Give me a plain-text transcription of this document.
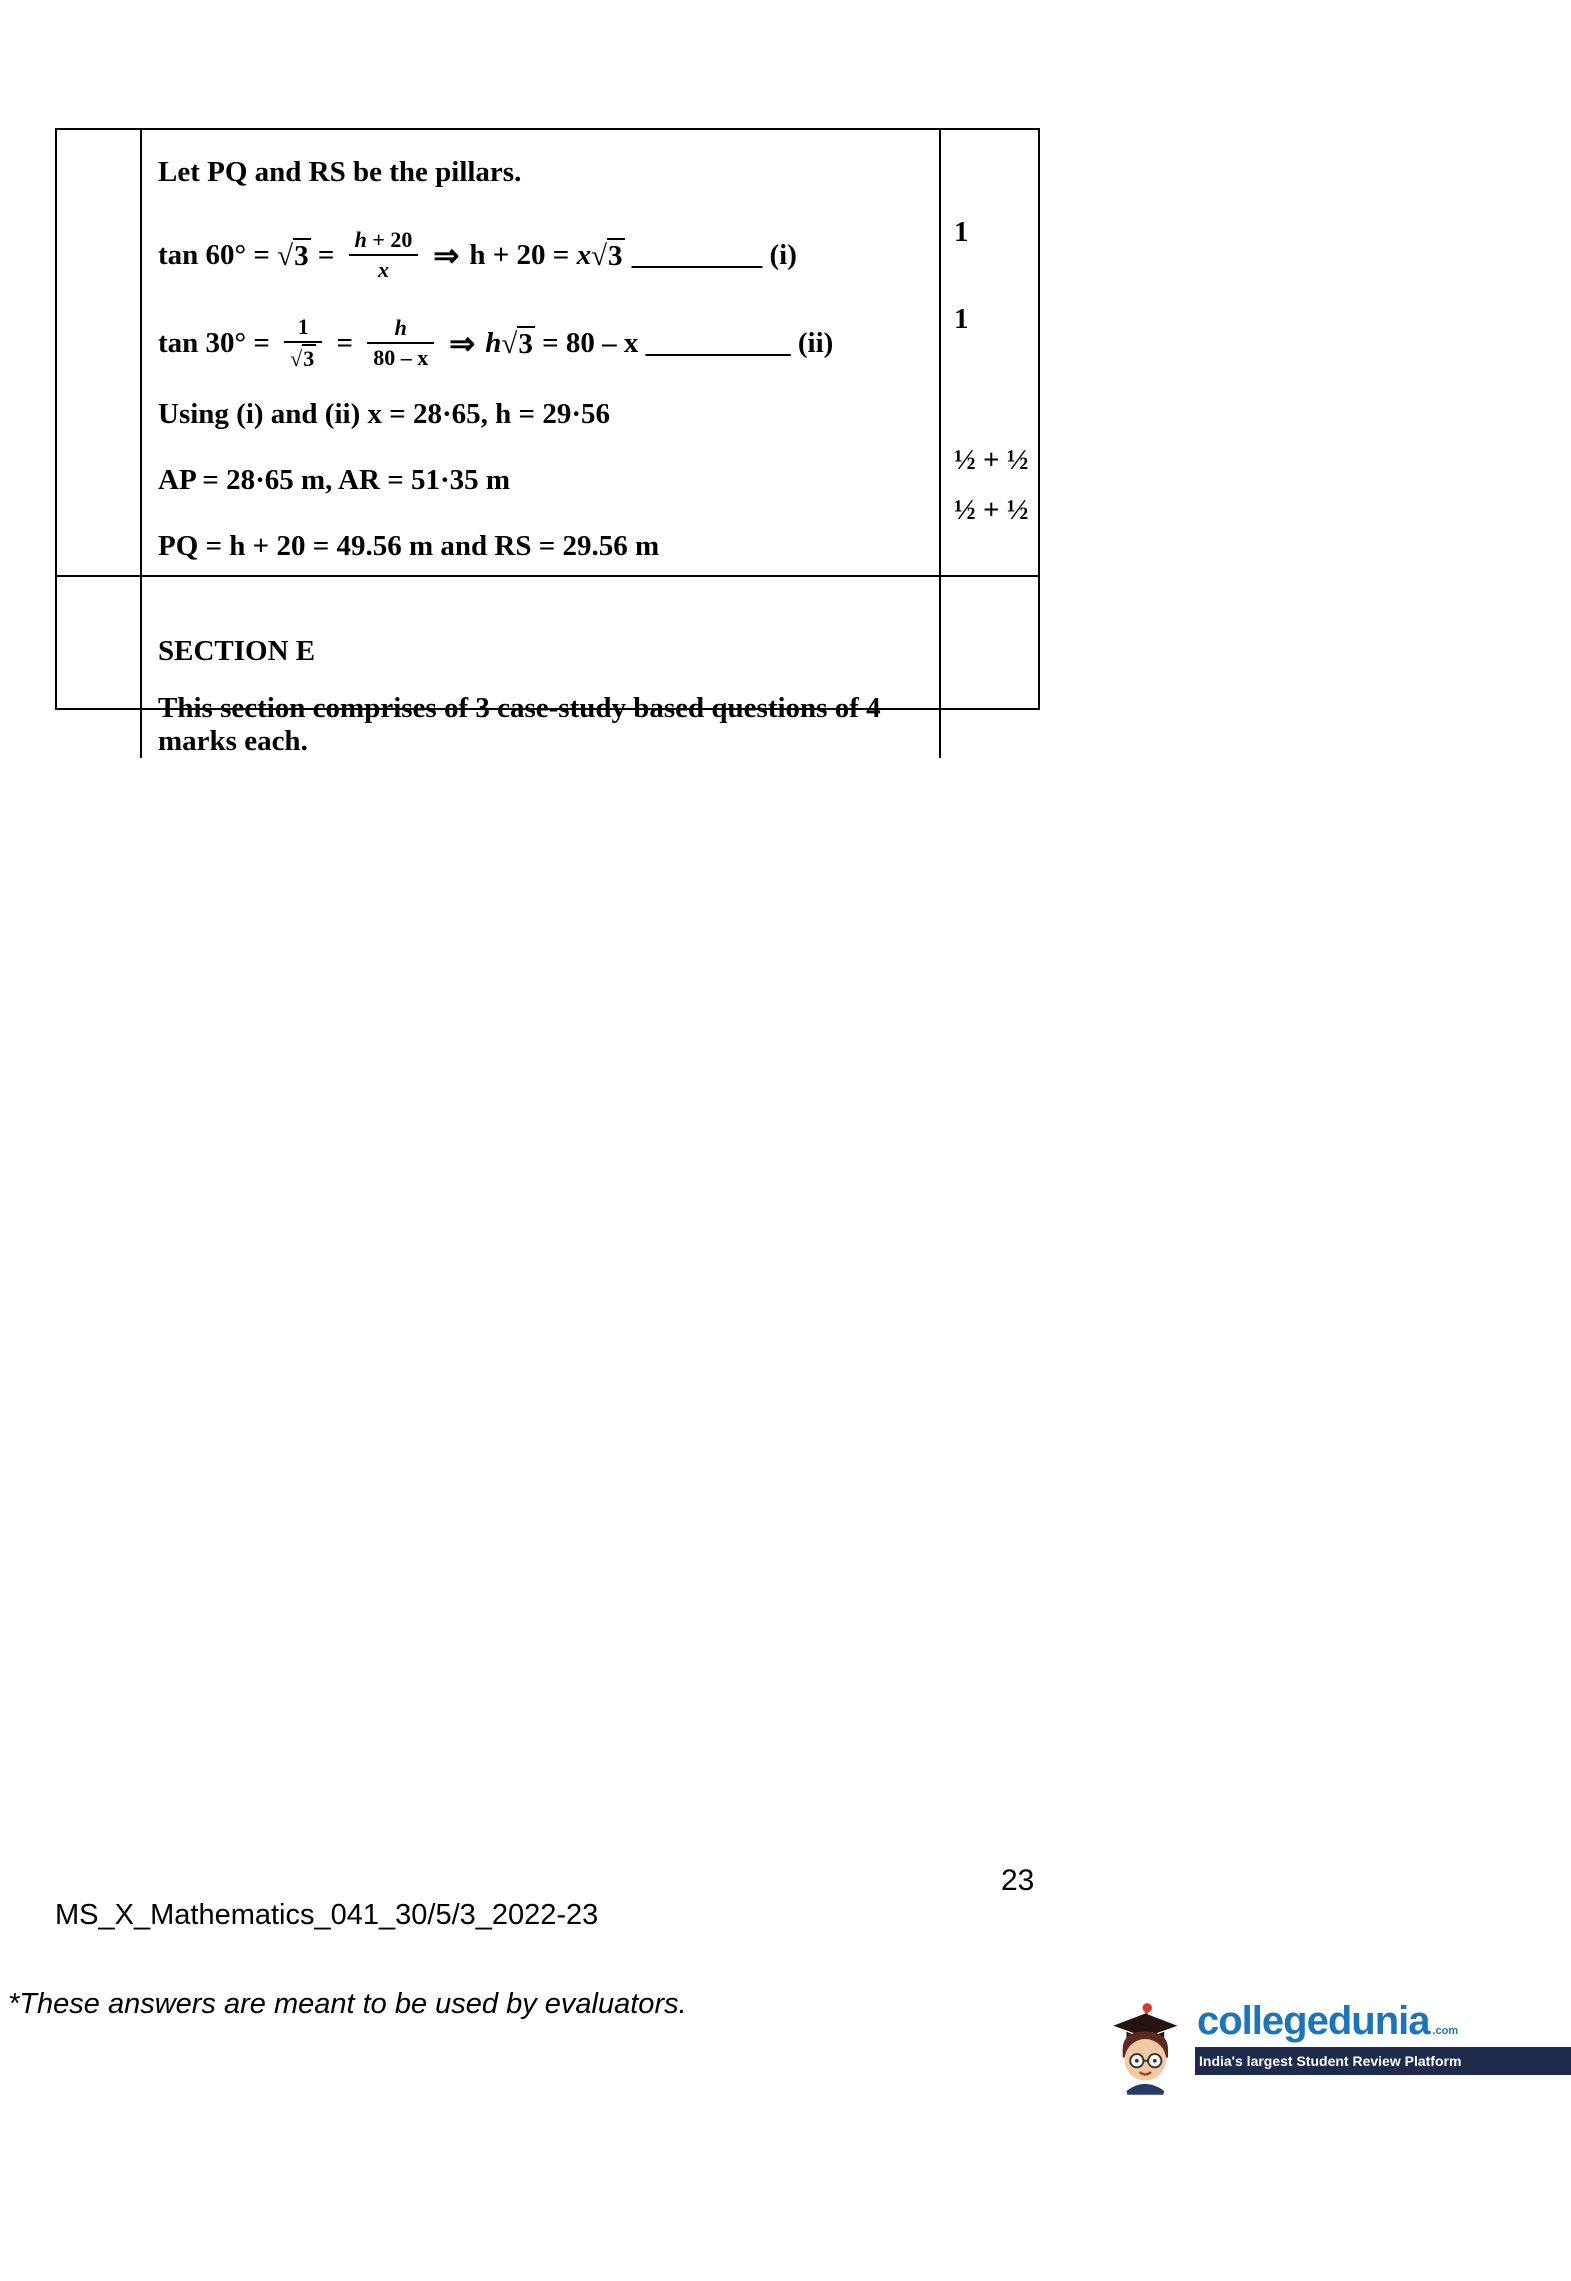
Let PQ and RS be the pillars.

$\tan 60^\circ = √3 = \frac{h + 20}{x}$ ⇒ h + 20 = x √3 _________ (i)
$\tan 30^\circ = \frac{1}{√3} = \frac{h}{80 - x}$ ⇒ h √3 = 80 – x __________ (ii)

Using (i) and (ii) x = 28·65, h = 29·56

AP = 28·65 m, AR = 51·35 m

PQ = h + 20 = 49.56 m and RS = 29.56 m

1
1
½ + ½
½ + ½

SECTION E

This section comprises of 3 case-study based questions of 4 marks each.

23
MS_X_Mathematics_041_30/5/3_2022-23
*These answers are meant to be used by evaluators.	collegedunia .com
India's largest Student Review Platform
